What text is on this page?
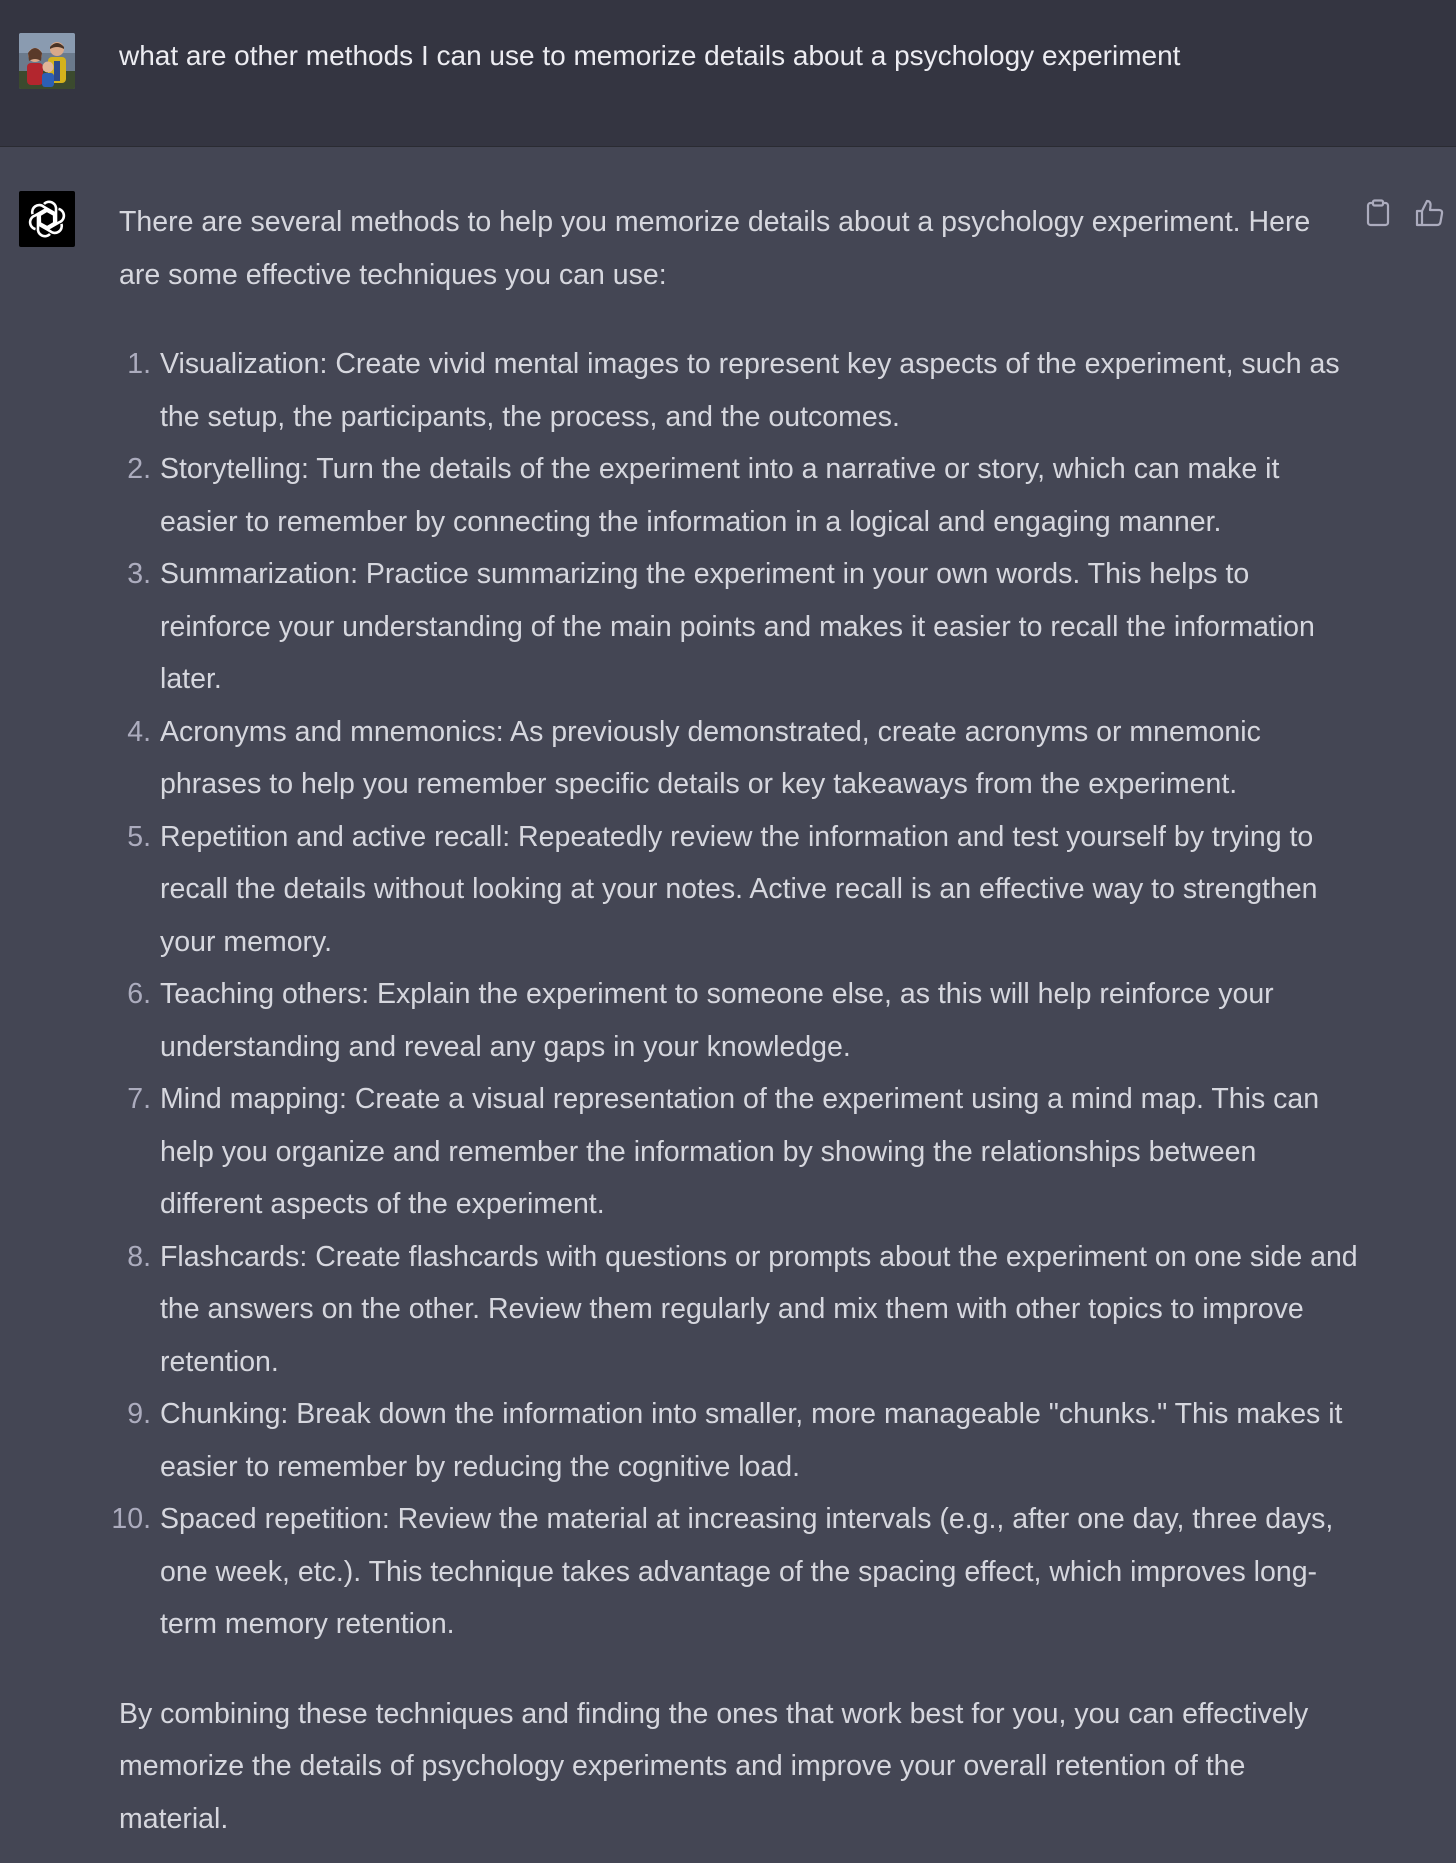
what are other methods I can use to memorize details about a psychology experiment

There are several methods to help you memorize details about a psychology experiment. Here are some effective techniques you can use:

1. Visualization: Create vivid mental images to represent key aspects of the experiment, such as the setup, the participants, the process, and the outcomes.
2. Storytelling: Turn the details of the experiment into a narrative or story, which can make it easier to remember by connecting the information in a logical and engaging manner.
3. Summarization: Practice summarizing the experiment in your own words. This helps to reinforce your understanding of the main points and makes it easier to recall the information later.
4. Acronyms and mnemonics: As previously demonstrated, create acronyms or mnemonic phrases to help you remember specific details or key takeaways from the experiment.
5. Repetition and active recall: Repeatedly review the information and test yourself by trying to recall the details without looking at your notes. Active recall is an effective way to strengthen your memory.
6. Teaching others: Explain the experiment to someone else, as this will help reinforce your understanding and reveal any gaps in your knowledge.
7. Mind mapping: Create a visual representation of the experiment using a mind map. This can help you organize and remember the information by showing the relationships between different aspects of the experiment.
8. Flashcards: Create flashcards with questions or prompts about the experiment on one side and the answers on the other. Review them regularly and mix them with other topics to improve retention.
9. Chunking: Break down the information into smaller, more manageable "chunks." This makes it easier to remember by reducing the cognitive load.
10. Spaced repetition: Review the material at increasing intervals (e.g., after one day, three days, one week, etc.). This technique takes advantage of the spacing effect, which improves long-term memory retention.

By combining these techniques and finding the ones that work best for you, you can effectively memorize the details of psychology experiments and improve your overall retention of the material.
